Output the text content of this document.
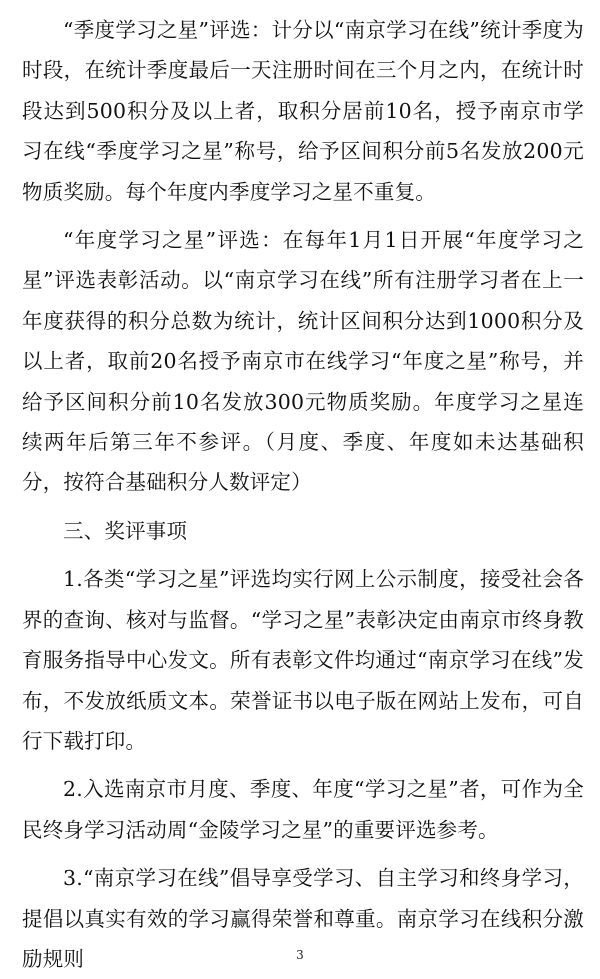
“季度学习之星”评选：计分以“南京学习在线”统计季度为时段，在统计季度最后一天注册时间在三个月之内，在统计时段达到500积分及以上者，取积分居前10名，授予南京市学习在线“季度学习之星”称号，给予区间积分前5名发放200元物质奖励。每个年度内季度学习之星不重复。

“年度学习之星”评选：在每年1月1日开展“年度学习之星”评选表彰活动。以“南京学习在线”所有注册学习者在上一年度获得的积分总数为统计，统计区间积分达到1000积分及以上者，取前20名授予南京市在线学习“年度之星”称号，并给予区间积分前10名发放300元物质奖励。年度学习之星连续两年后第三年不参评。（月度、季度、年度如未达基础积分，按符合基础积分人数评定）

三、奖评事项

1.各类“学习之星”评选均实行网上公示制度，接受社会各界的查询、核对与监督。“学习之星”表彰决定由南京市终身教育服务指导中心发文。所有表彰文件均通过“南京学习在线”发布，不发放纸质文本。荣誉证书以电子版在网站上发布，可自行下载打印。

2.入选南京市月度、季度、年度“学习之星”者，可作为全民终身学习活动周“金陵学习之星”的重要评选参考。

3.“南京学习在线”倡导享受学习、自主学习和终身学习，提倡以真实有效的学习赢得荣誉和尊重。南京学习在线积分激励规则	3
